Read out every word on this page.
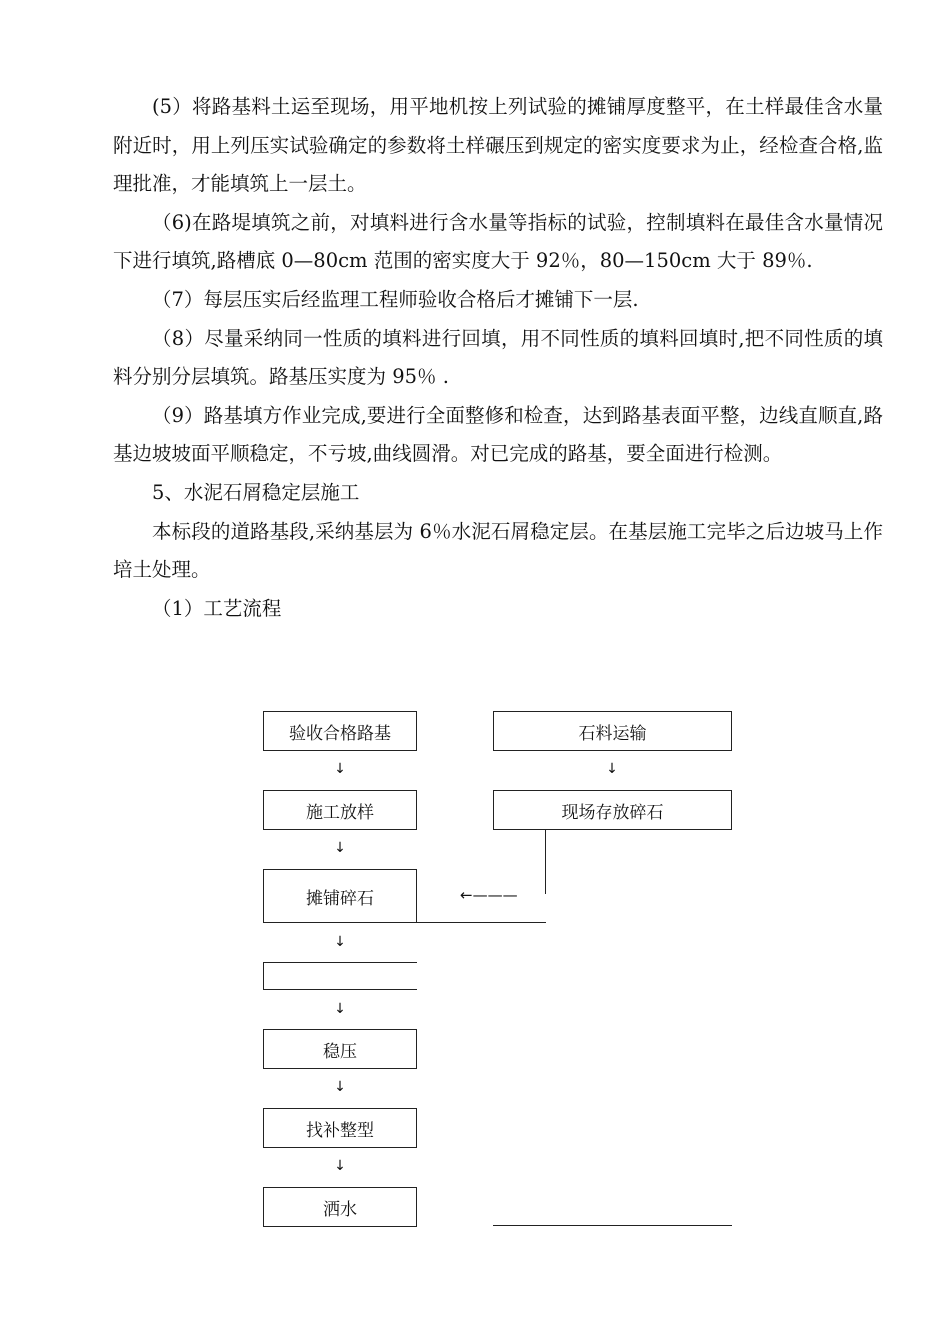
(5）将路基料土运至现场，用平地机按上列试验的摊铺厚度整平，在土样最佳含水量附近时，用上列压实试验确定的参数将土样碾压到规定的密实度要求为止，经检查合格,监理批准，才能填筑上一层土。

（6)在路堤填筑之前，对填料进行含水量等指标的试验，控制填料在最佳含水量情况下进行填筑,路槽底 0—80cm 范围的密实度大于 92％，80—150cm 大于 89％.

（7）每层压实后经监理工程师验收合格后才摊铺下一层.

（8）尽量采纳同一性质的填料进行回填，用不同性质的填料回填时,把不同性质的填料分别分层填筑。路基压实度为 95％ .

（9）路基填方作业完成,要进行全面整修和检查，达到路基表面平整，边线直顺直,路基边坡坡面平顺稳定，不亏坡,曲线圆滑。对已完成的路基，要全面进行检测。

5、水泥石屑稳定层施工

本标段的道路基段,采纳基层为 6％水泥石屑稳定层。在基层施工完毕之后边坡马上作培土处理。

（1）工艺流程

验收合格路基
↓
施工放样
↓
摊铺碎石
↓
↓
稳压
↓
找补整型
↓
洒水
石料运输
↓
现场存放碎石
←———
